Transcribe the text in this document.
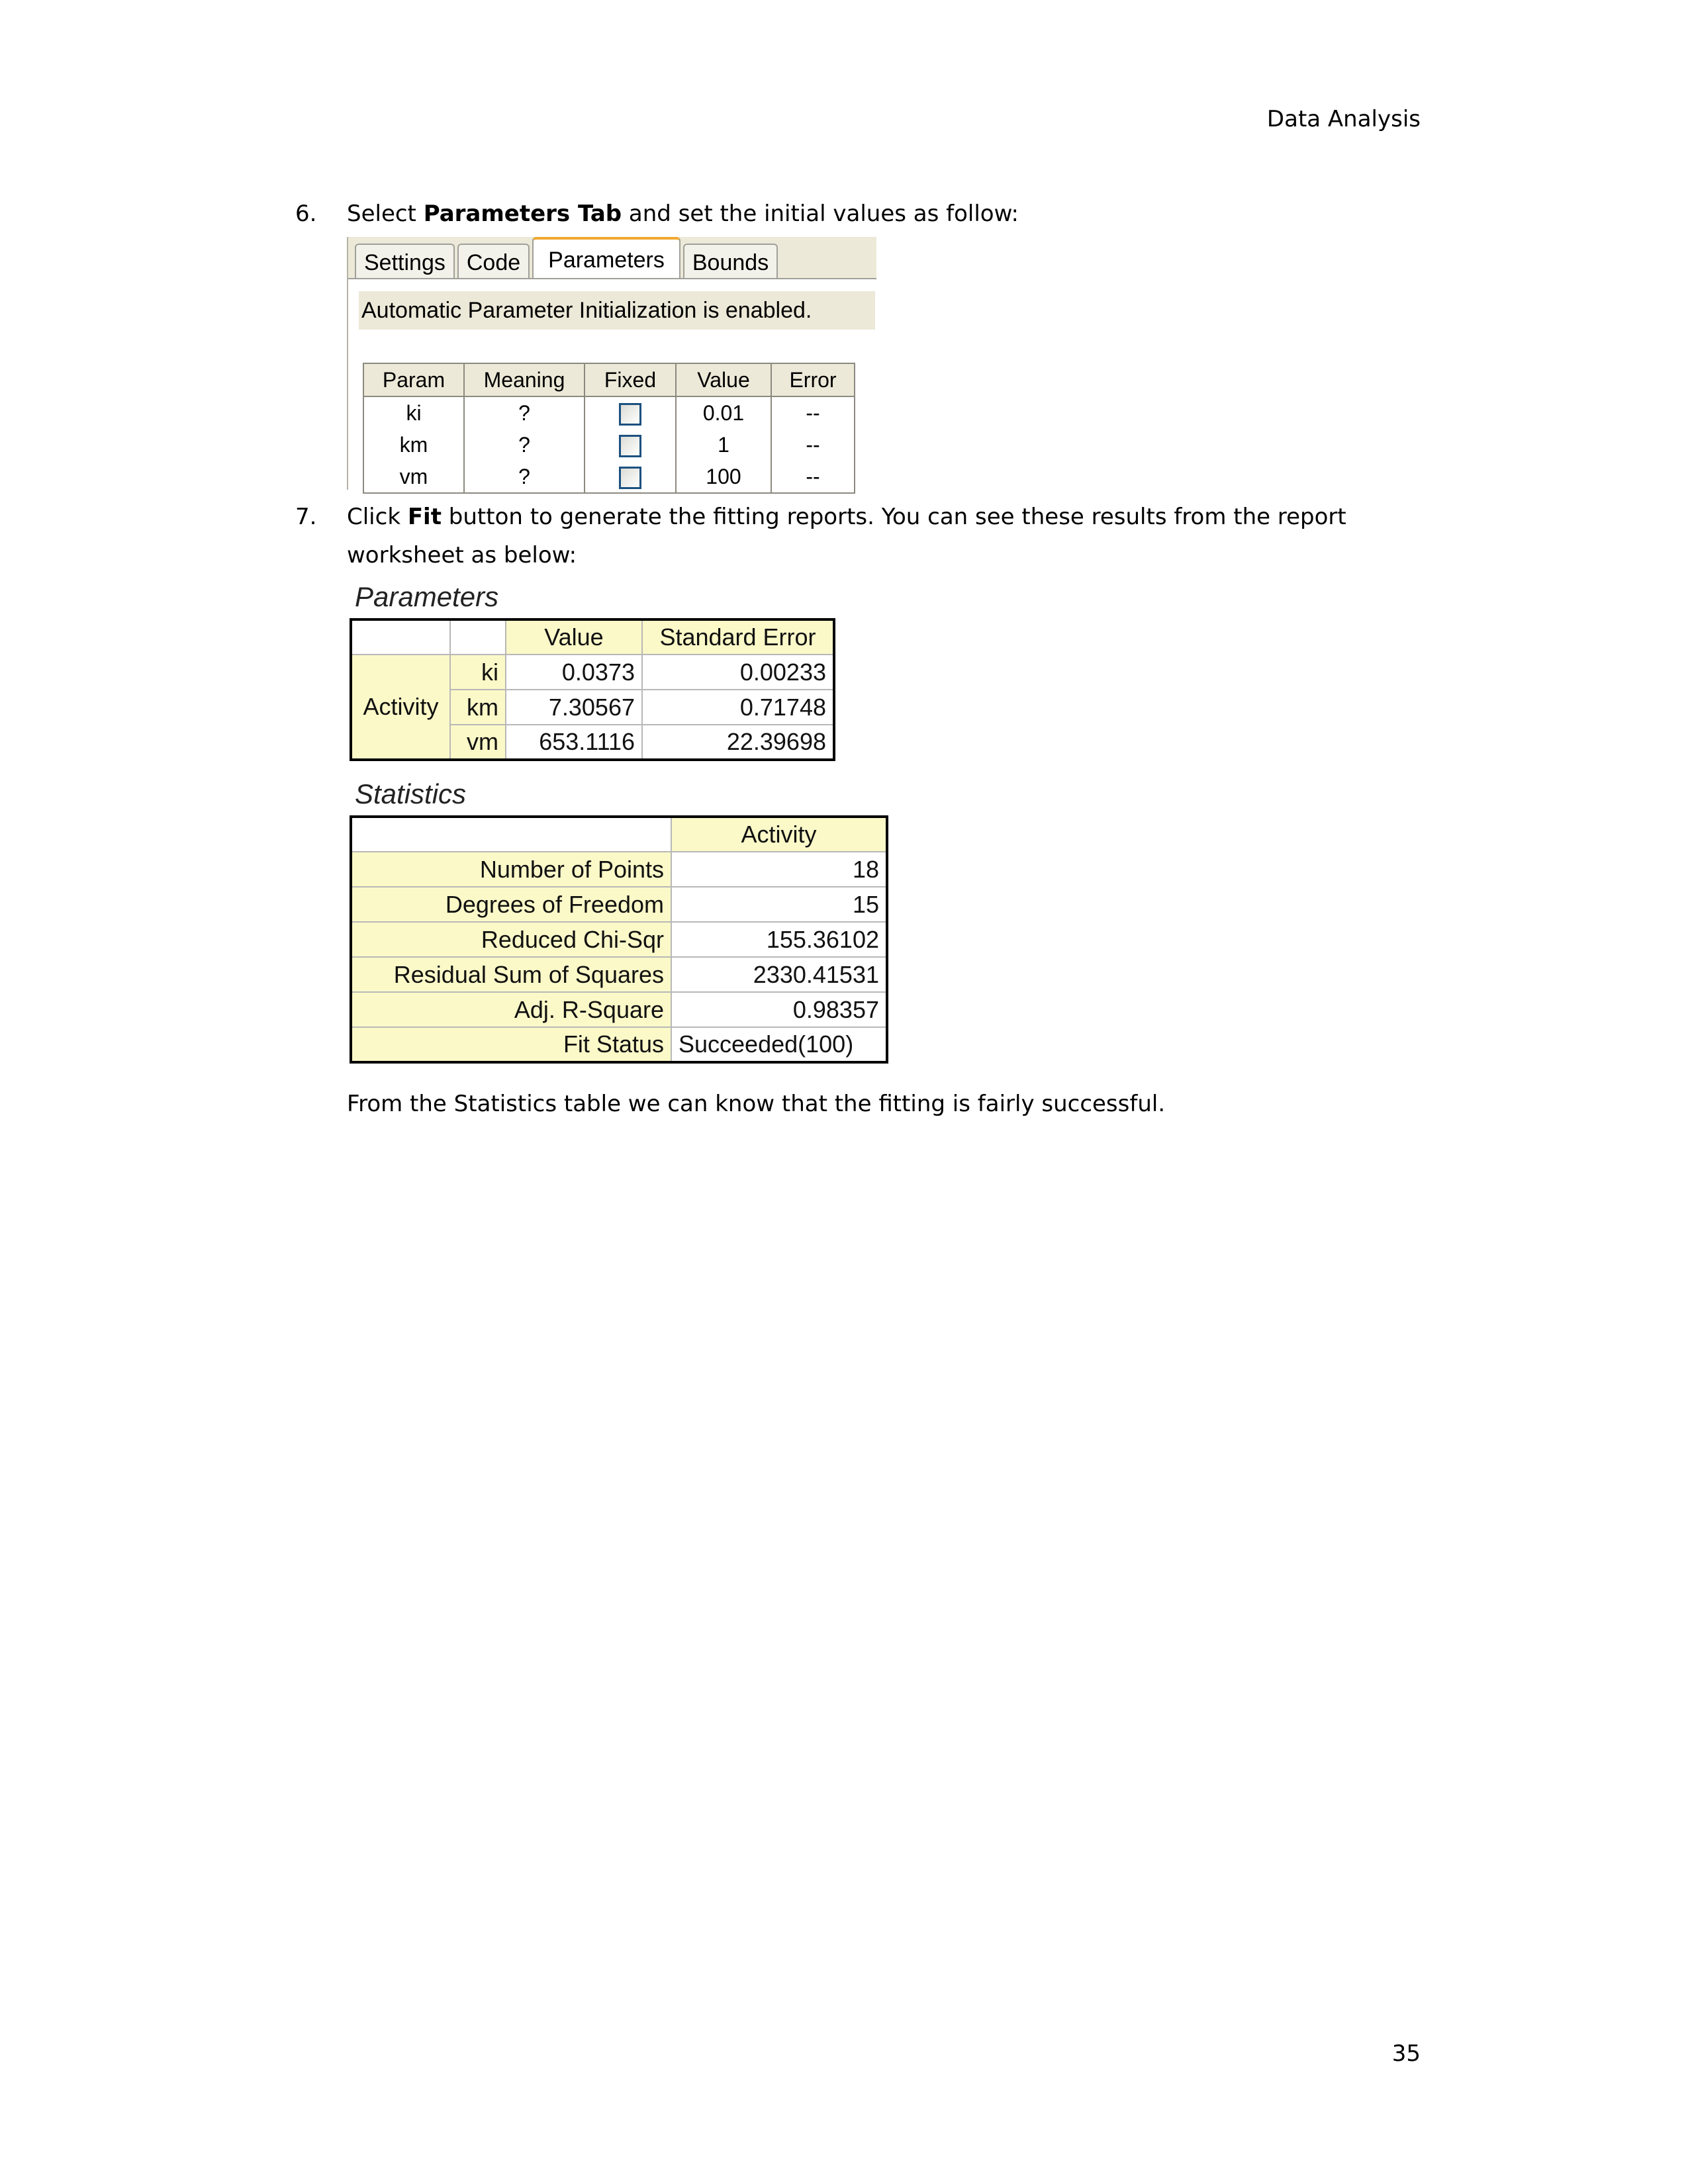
Data Analysis
6. Select Parameters Tab and set the initial values as follow:
Settings Code	Parameters	Bounds
Automatic Parameter Initialization is enabled.
Param	Meaning	Fixed	Value	Error
ki	?		0.01	--
km	?		1	--
vm	?		100	--
7. Click Fit button to generate the fitting reports. You can see these results from the report worksheet as below:
Parameters
		Value	Standard Error
Activity	ki	0.0373	0.00233
	km	7.30567	0.71748
	vm	653.1116	22.39698
Statistics
	Activity
Number of Points	18
Degrees of Freedom	15
Reduced Chi-Sqr	155.36102
Residual Sum of Squares	2330.41531
Adj. R-Square	0.98357
Fit Status	Succeeded(100)
From the Statistics table we can know that the fitting is fairly successful.
35
